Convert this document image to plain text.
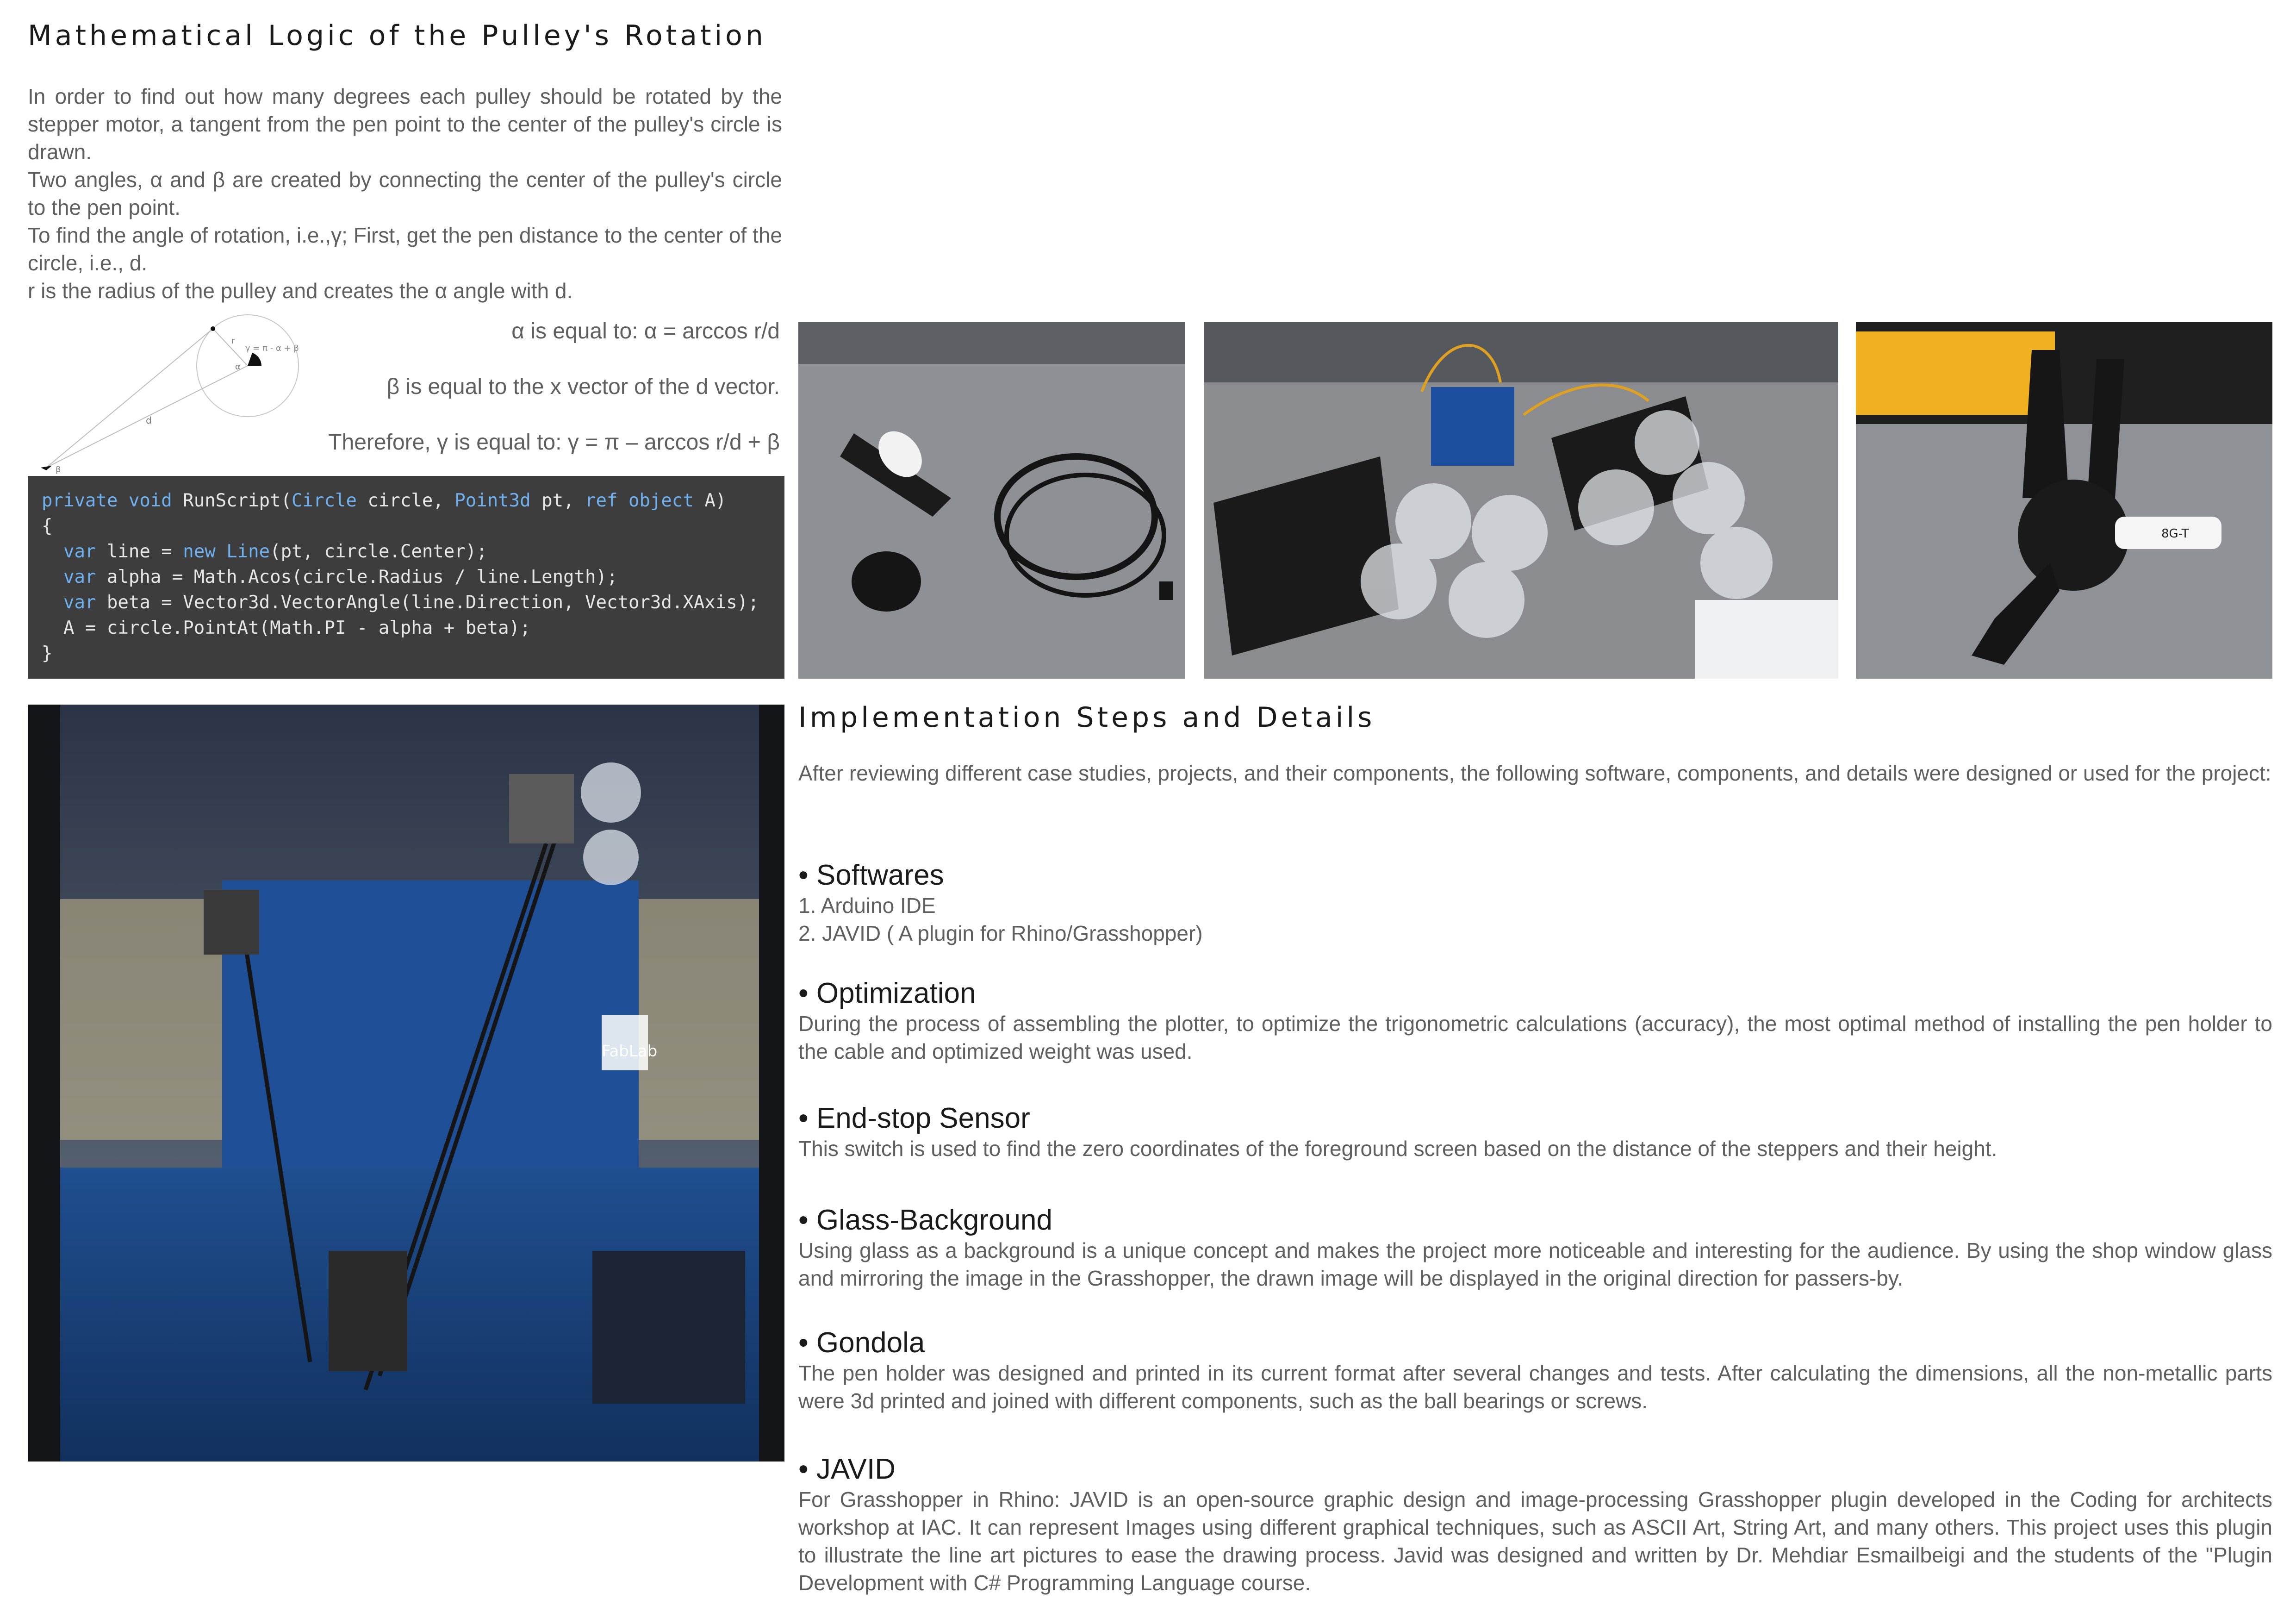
Mathematical Logic of the Pulley's Rotation

In order to find out how many degrees each pulley should be rotated by the stepper motor, a tangent from the pen point to the center of the pulley's circle is drawn.

Two angles, α and β are created by connecting the center of the pulley's circle to the pen point.

To find the angle of rotation, i.e.,γ; First, get the pen distance to the center of the circle, i.e., d.

r is the radius of the pulley and creates the α angle with d.

γ = π - α + β
r
d
α
β
α is equal to: α = arccos r/d
β is equal to the x vector of the d vector.
Therefore, γ is equal to: γ = π – arccos r/d + β
private void RunScript(Circle circle, Point3d pt, ref object A)
{
var line = new Line(pt, circle.Center);
var alpha = Math.Acos(circle.Radius / line.Length);
var beta = Vector3d.VectorAngle(line.Direction, Vector3d.XAxis);
A = circle.PointAt(Math.PI - alpha + beta);
}
FabLab
8G-T
Implementation Steps and Details

After reviewing different case studies, projects, and their components, the following software, components, and details were designed or used for the project:

• Softwares

1. Arduino IDE

2. JAVID ( A plugin for Rhino/Grasshopper)

• Optimization

During the process of assembling the plotter, to optimize the trigonometric calculations (accuracy), the most optimal method of installing the pen holder to the cable and optimized weight was used.

• End-stop Sensor

This switch is used to find the zero coordinates of the foreground screen based on the distance of the steppers and their height.

• Glass-Background

Using glass as a background is a unique concept and makes the project more noticeable and interesting for the audience. By using the shop window glass and mirroring the image in the Grasshopper, the drawn image will be displayed in the original direction for passers-by.

• Gondola

The pen holder was designed and printed in its current format after several changes and tests. After calculating the dimensions, all the non-metallic parts were 3d printed and joined with different components, such as the ball bearings or screws.

• JAVID

For Grasshopper in Rhino: JAVID is an open-source graphic design and image-processing Grasshopper plugin developed in the Coding for architects workshop at IAC. It can represent Images using different graphical techniques, such as ASCII Art, String Art, and many others. This project uses this plugin to illustrate the line art pictures to ease the drawing process. Javid was designed and written by Dr. Mehdiar Esmailbeigi and the students of the "Plugin Development with C# Programming Language course.
